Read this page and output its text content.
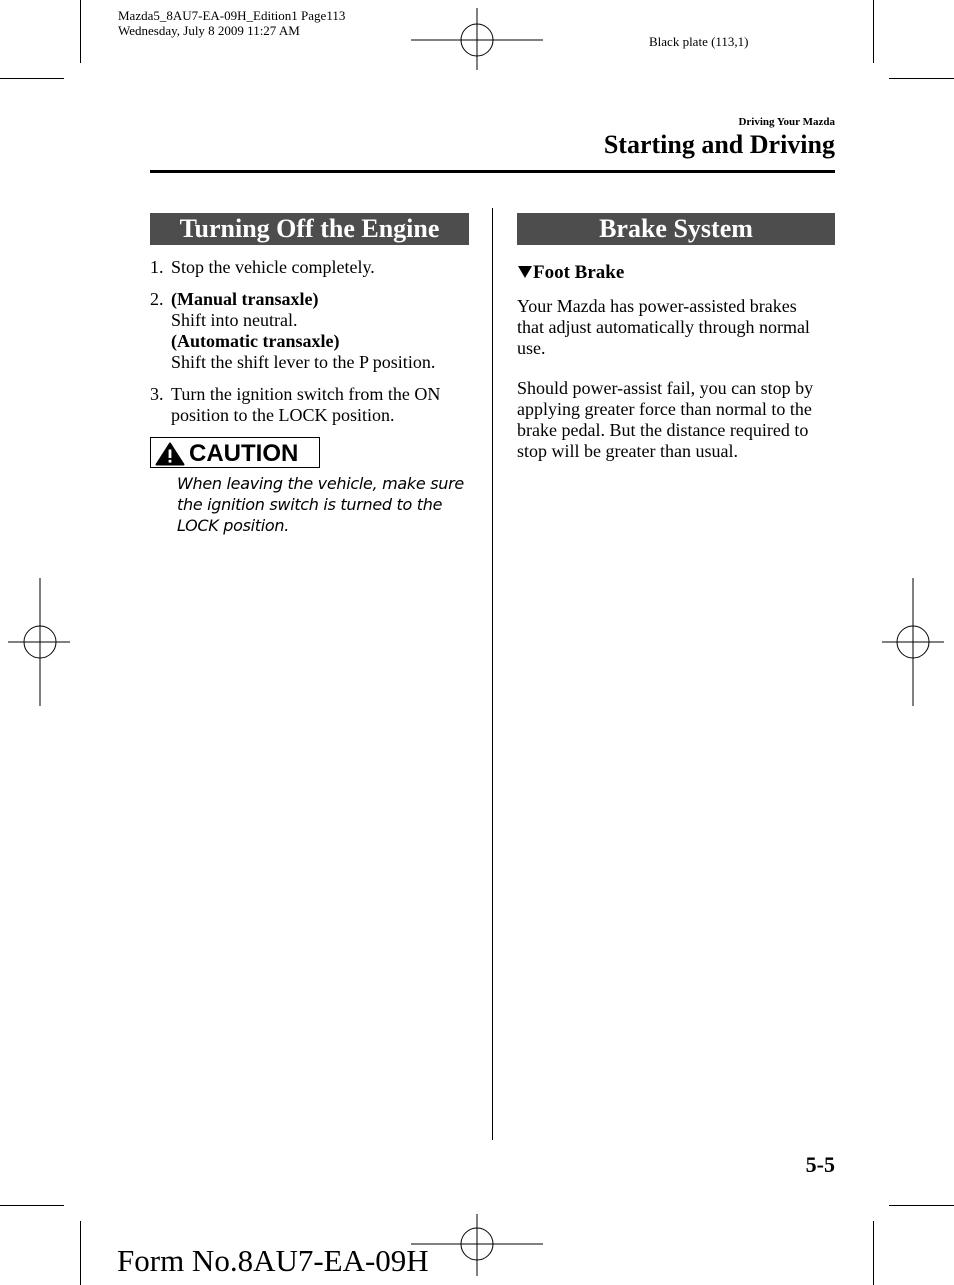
Mazda5_8AU7-EA-09H_Edition1 Page113
Wednesday, July 8 2009 11:27 AM
Black plate (113,1)
Driving Your Mazda
Starting and Driving
Turning Off the Engine
1. Stop the vehicle completely.
2. (Manual transaxle)
Shift into neutral.
(Automatic transaxle)
Shift the shift lever to the P position.
3. Turn the ignition switch from the ON position to the LOCK position.
CAUTION
When leaving the vehicle, make sure
the ignition switch is turned to the
LOCK position.
Brake System
Foot Brake
Your Mazda has power-assisted brakes
that adjust automatically through normal
use.
Should power-assist fail, you can stop by
applying greater force than normal to the
brake pedal. But the distance required to
stop will be greater than usual.
5-5
Form No.8AU7-EA-09H
